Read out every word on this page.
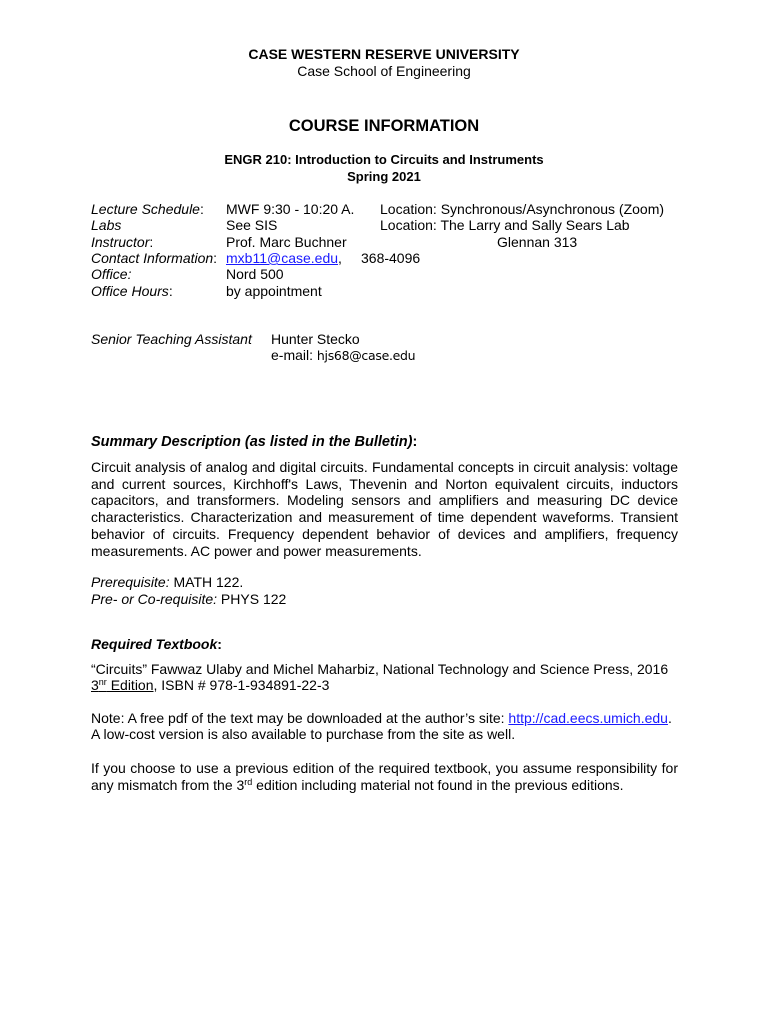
CASE WESTERN RESERVE UNIVERSITY
Case School of Engineering
COURSE INFORMATION
ENGR 210: Introduction to Circuits and Instruments
Spring 2021
Lecture Schedule: MWF 9:30 - 10:20 A. Location: Synchronous/Asynchronous (Zoom)
Labs	See SIS	Location: The Larry and Sally Sears Lab
Instructor:	Prof. Marc Buchner	Glennan 313
Contact Information: mxb11@case.edu, 368-4096
Office:	Nord 500
Office Hours:	by appointment
Senior Teaching Assistant Hunter Stecko
e-mail: hjs68@case.edu
Summary Description (as listed in the Bulletin):
Circuit analysis of analog and digital circuits. Fundamental concepts in circuit analysis: voltage and current sources, Kirchhoff's Laws, Thevenin and Norton equivalent circuits, inductors capacitors, and transformers. Modeling sensors and amplifiers and measuring DC device characteristics. Characterization and measurement of time dependent waveforms. Transient behavior of circuits. Frequency dependent behavior of devices and amplifiers, frequency measurements. AC power and power measurements.
Prerequisite: MATH 122.
Pre- or Co-requisite: PHYS 122
Required Textbook:
“Circuits” Fawwaz Ulaby and Michel Maharbiz, National Technology and Science Press, 2016
$3^{nr}$ Edition, ISBN # 978-1-934891-22-3
Note: A free pdf of the text may be downloaded at the author’s site: http://cad.eecs.umich.edu.
A low-cost version is also available to purchase from the site as well.
If you choose to use a previous edition of the required textbook, you assume responsibility for any mismatch from the 3rd edition including material not found in the previous editions.
